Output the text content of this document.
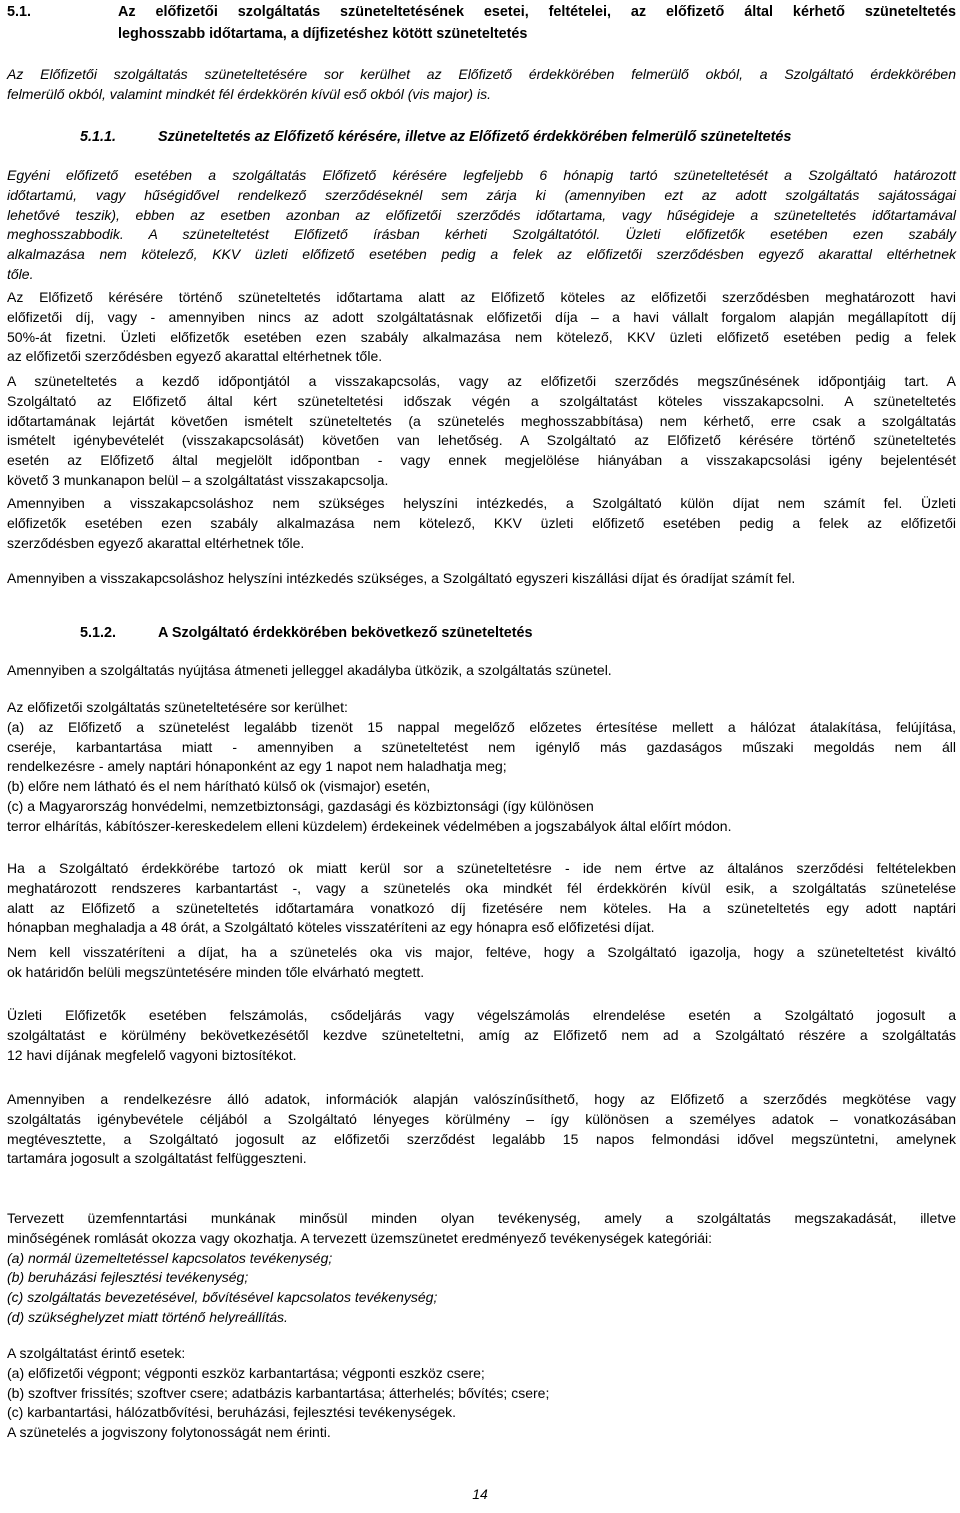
5.1.	Az előfizetői szolgáltatás szüneteltetésének esetei, feltételei, az előfizető által kérhető szüneteltetés
leghosszabb időtartama, a díjfizetéshez kötött szüneteltetés
Az Előfizetői szolgáltatás szüneteltetésére sor kerülhet az Előfizető érdekkörében felmerülő okból, a Szolgáltató érdekkörében
felmerülő okból, valamint mindkét fél érdekkörén kívül eső okból (vis major) is.

5.1.1.	Szüneteltetés az Előfizető kérésére, illetve az Előfizető érdekkörében felmerülő szüneteltetés

Egyéni előfizető esetében a szolgáltatás Előfizető kérésére legfeljebb 6 hónapig tartó szüneteltetését a Szolgáltató határozott
időtartamú, vagy hűségidővel rendelkező szerződéseknél sem zárja ki (amennyiben ezt az adott szolgáltatás sajátosságai
lehetővé teszik), ebben az esetben azonban az előfizetői szerződés időtartama, vagy hűségideje a szüneteltetés időtartamával
meghosszabbodik. A szüneteltetést Előfizető írásban kérheti Szolgáltatótól. Üzleti előfizetők esetében ezen szabály
alkalmazása nem kötelező, KKV üzleti előfizető esetében pedig a felek az előfizetői szerződésben egyező akarattal eltérhetnek
tőle.
Az Előfizető kérésére történő szüneteltetés időtartama alatt az Előfizető köteles az előfizetői szerződésben meghatározott havi
előfizetői díj, vagy - amennyiben nincs az adott szolgáltatásnak előfizetői díja – a havi vállalt forgalom alapján megállapított díj
50%-át fizetni. Üzleti előfizetők esetében ezen szabály alkalmazása nem kötelező, KKV üzleti előfizető esetében pedig a felek
az előfizetői szerződésben egyező akarattal eltérhetnek tőle.
A szüneteltetés a kezdő időpontjától a visszakapcsolás, vagy az előfizetői szerződés megszűnésének időpontjáig tart. A
Szolgáltató az Előfizető által kért szüneteltetési időszak végén a szolgáltatást köteles visszakapcsolni. A szüneteltetés
időtartamának lejártát követően ismételt szüneteltetés (a szünetelés meghosszabbítása) nem kérhető, erre csak a szolgáltatás
ismételt igénybevételét (visszakapcsolását) követően van lehetőség. A Szolgáltató az Előfizető kérésére történő szüneteltetés
esetén az Előfizető által megjelölt időpontban - vagy ennek megjelölése hiányában a visszakapcsolási igény bejelentését
követő 3 munkanapon belül – a szolgáltatást visszakapcsolja.
Amennyiben a visszakapcsoláshoz nem szükséges helyszíni intézkedés, a Szolgáltató külön díjat nem számít fel. Üzleti
előfizetők esetében ezen szabály alkalmazása nem kötelező, KKV üzleti előfizető esetében pedig a felek az előfizetői
szerződésben egyező akarattal eltérhetnek tőle.
Amennyiben a visszakapcsoláshoz helyszíni intézkedés szükséges, a Szolgáltató egyszeri kiszállási díjat és óradíjat számít fel.

5.1.2.	A Szolgáltató érdekkörében bekövetkező szüneteltetés

Amennyiben a szolgáltatás nyújtása átmeneti jelleggel akadályba ütközik, a szolgáltatás szünetel.
Az előfizetői szolgáltatás szüneteltetésére sor kerülhet:
(a) az Előfizető a szünetelést legalább tizenöt 15 nappal megelőző előzetes értesítése mellett a hálózat átalakítása, felújítása,
cseréje, karbantartása miatt - amennyiben a szüneteltetést nem igénylő más gazdaságos műszaki megoldás nem áll
rendelkezésre - amely naptári hónaponként az egy 1 napot nem haladhatja meg;
(b) előre nem látható és el nem hárítható külső ok (vismajor) esetén,
(c) a Magyarország honvédelmi, nemzetbiztonsági, gazdasági és közbiztonsági (így különösen
terror elhárítás, kábítószer-kereskedelem elleni küzdelem) érdekeinek védelmében a jogszabályok által előírt módon.
Ha a Szolgáltató érdekkörébe tartozó ok miatt kerül sor a szüneteltetésre - ide nem értve az általános szerződési feltételekben
meghatározott rendszeres karbantartást -, vagy a szünetelés oka mindkét fél érdekkörén kívül esik, a szolgáltatás szünetelése
alatt az Előfizető a szüneteltetés időtartamára vonatkozó díj fizetésére nem köteles. Ha a szüneteltetés egy adott naptári
hónapban meghaladja a 48 órát, a Szolgáltató köteles visszatéríteni az egy hónapra eső előfizetési díjat.
Nem kell visszatéríteni a díjat, ha a szünetelés oka vis major, feltéve, hogy a Szolgáltató igazolja, hogy a szüneteltetést kiváltó
ok határidőn belüli megszüntetésére minden tőle elvárható megtett.
Üzleti Előfizetők esetében felszámolás, csődeljárás vagy végelszámolás elrendelése esetén a Szolgáltató jogosult a
szolgáltatást e körülmény bekövetkezésétől kezdve szüneteltetni, amíg az Előfizető nem ad a Szolgáltató részére a szolgáltatás
12 havi díjának megfelelő vagyoni biztosítékot.
Amennyiben a rendelkezésre álló adatok, információk alapján valószínűsíthető, hogy az Előfizető a szerződés megkötése vagy
szolgáltatás igénybevétele céljából a Szolgáltató lényeges körülmény – így különösen a személyes adatok – vonatkozásában
megtévesztette, a Szolgáltató jogosult az előfizetői szerződést legalább 15 napos felmondási idővel megszüntetni, amelynek
tartamára jogosult a szolgáltatást felfüggeszteni.
Tervezett üzemfenntartási munkának minősül minden olyan tevékenység, amely a szolgáltatás megszakadását, illetve
minőségének romlását okozza vagy okozhatja. A tervezett üzemszünetet eredményező tevékenységek kategóriái:
(a) normál üzemeltetéssel kapcsolatos tevékenység;
(b) beruházási fejlesztési tevékenység;
(c) szolgáltatás bevezetésével, bővítésével kapcsolatos tevékenység;
(d) szükséghelyzet miatt történő helyreállítás.
A szolgáltatást érintő esetek:
(a) előfizetői végpont; végponti eszköz karbantartása; végponti eszköz csere;
(b) szoftver frissítés; szoftver csere; adatbázis karbantartása; átterhelés; bővítés; csere;
(c) karbantartási, hálózatbővítési, beruházási, fejlesztési tevékenységek.
A szünetelés a jogviszony folytonosságát nem érinti.
14
